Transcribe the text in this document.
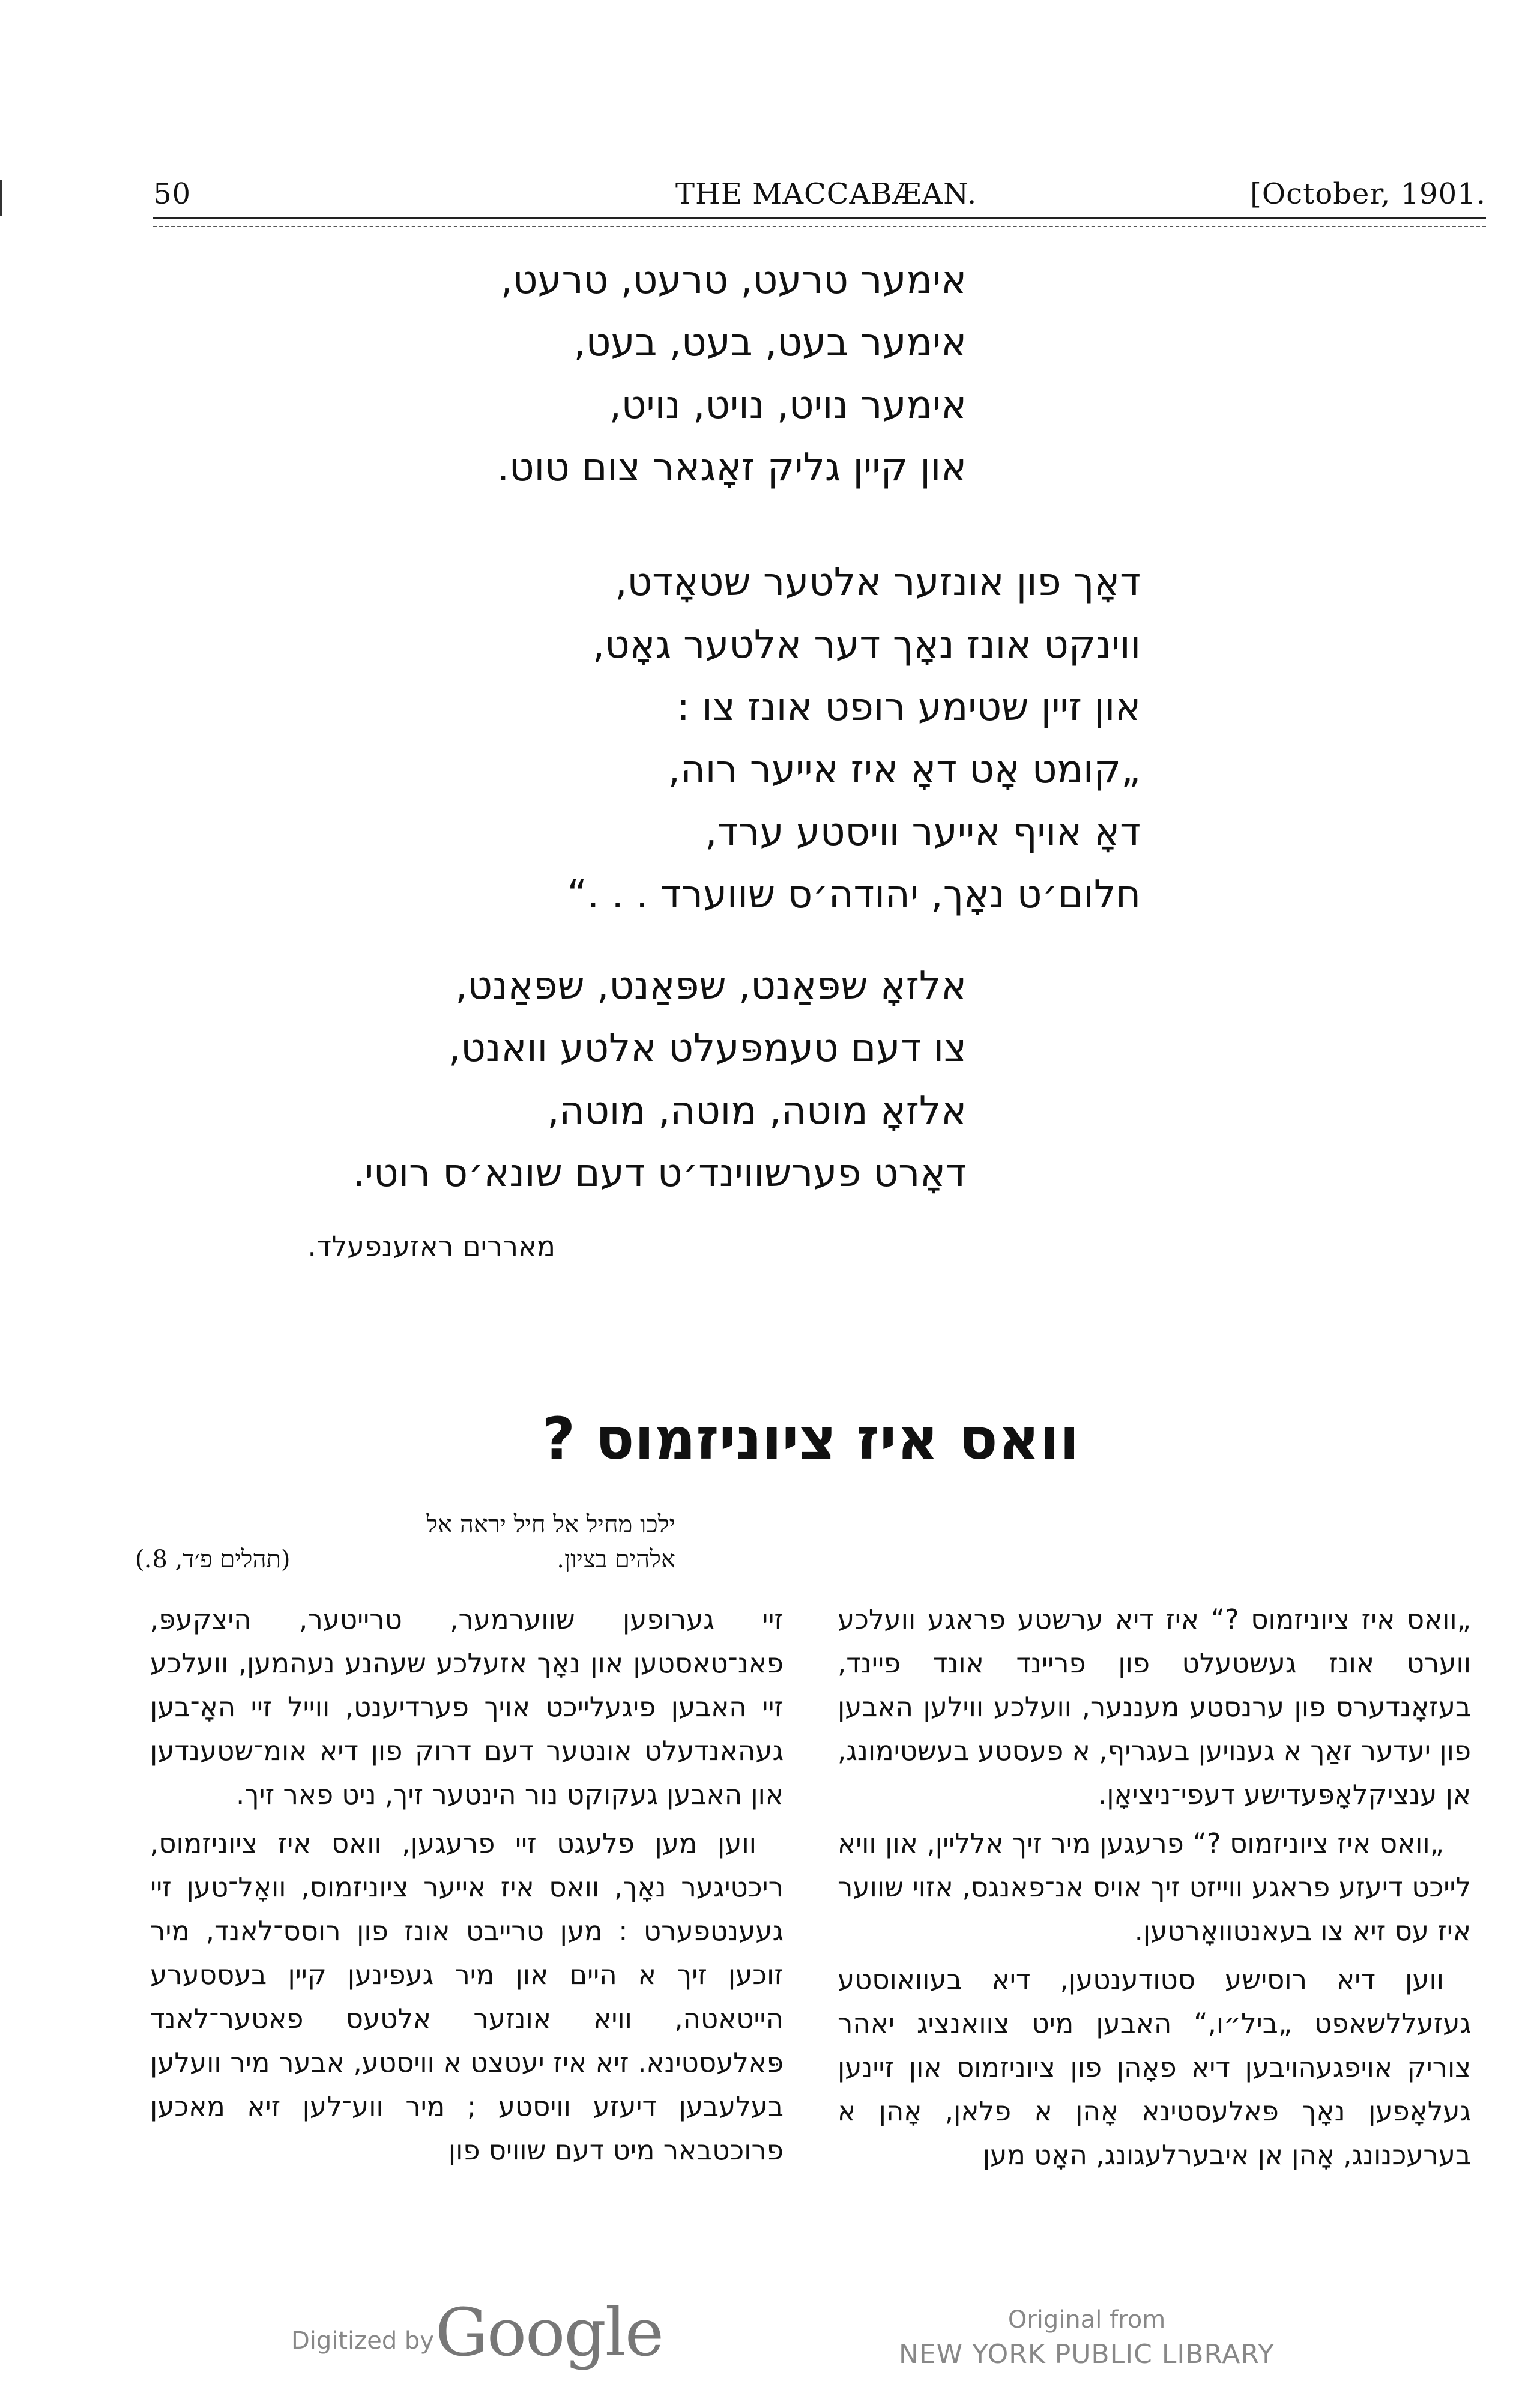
50	THE MACCABÆAN.	[October, 1901.
אימער טרעט, טרעט, טרעט,
אימער בעט, בעט, בעט,
אימער נויט, נויט, נויט,
און קיין גליק זאָגאר צום טוט.
דאָך פון אונזער אלטער שטאָדט,
ווינקט אונז נאָך דער אלטער גאָט,
און זיין שטימע רופט אונז צו :
„קומט אָט דאָ איז אייער רוה,
דאָ אויף אייער וויסטע ערד,
חלום׳ט נאָך, יהודה׳ס שווערד . . .“
אלזאָ שפּאַנט, שפּאַנט, שפּאַנט,
צו דעם טעמפּעלט אלטע וואנט,
אלזאָ מוטה, מוטה, מוטה,
דאָרט פערשווינד׳ט דעם שונא׳ס רוטי.
מאררים ראזענפעלד.
וואס איז ציוניזמוס ?
ילכו מחיל אל חיל יראה אל
אלהים בציון.
(תהלים פ׳ד, 8.)

„וואס איז ציוניזמוס ?“ איז דיא ערשטע פראגע וועלכע ווערט אונז געשטעלט פון פריינד אונד פיינד, בעזאָנדערס פון ערנסטע מעננער, וועלכע ווילען האבען פון יעדער זאַך א גענויען בעגריף, א פעסטע בעשטימונג, אן ענציקלאָפּעדישע דעפי־ניציאָן.

„וואס איז ציוניזמוס ?“ פרעגען מיר זיך אלליין, און וויא לייכט דיעזע פראגע ווייזט זיך אויס אנ־פאנגס, אזוי שווער איז עס זיא צו בעאנטוואָרטען.

ווען דיא רוסישע סטודענטען, דיא בעוואוסטע געזעללשאפט „ביל״ו,“ האבען מיט צוואנציג יאהר צוריק אויפגעהויבען דיא פאָהן פון ציוניזמוס און זיינען געלאָפען נאָך פּאלעסטינא אָהן א פלאן, אָהן א בערעכנונג, אָהן אן איבערלעגונג, האָט מען

זיי גערופען שווערמער, טרייטער, היצקעפּ, פאנ־טאסטען און נאָך אזעלכע שעהנע נעהמען, וועלכע זיי האבען פיגעלייכט אויך פערדיענט, ווייל זיי האָ־בען געהאנדעלט אונטער דעם דרוק פון דיא אומ־שטענדען און האבען געקוקט נור הינטער זיך, ניט פאר זיך.

ווען מען פלעגט זיי פרעגען, וואס איז ציוניזמוס, ריכטיגער נאָך, וואס איז אייער ציוניזמוס, וואָל־טען זיי געענטפערט : מען טרייבט אונז פון רוסס־לאנד, מיר זוכען זיך א היים און מיר געפינען קיין בעססערע הייטאטה, וויא אונזער אלטעס פאטער־לאנד פּאלעסטינא. זיא איז יעטצט א וויסטע, אבער מיר וועלען בעלעבען דיעזע וויסטע ; מיר ווע־לען זיא מאכען פרוכטבאר מיט דעם שוויס פון

Digitized by Google	Original from
NEW YORK PUBLIC LIBRARY
